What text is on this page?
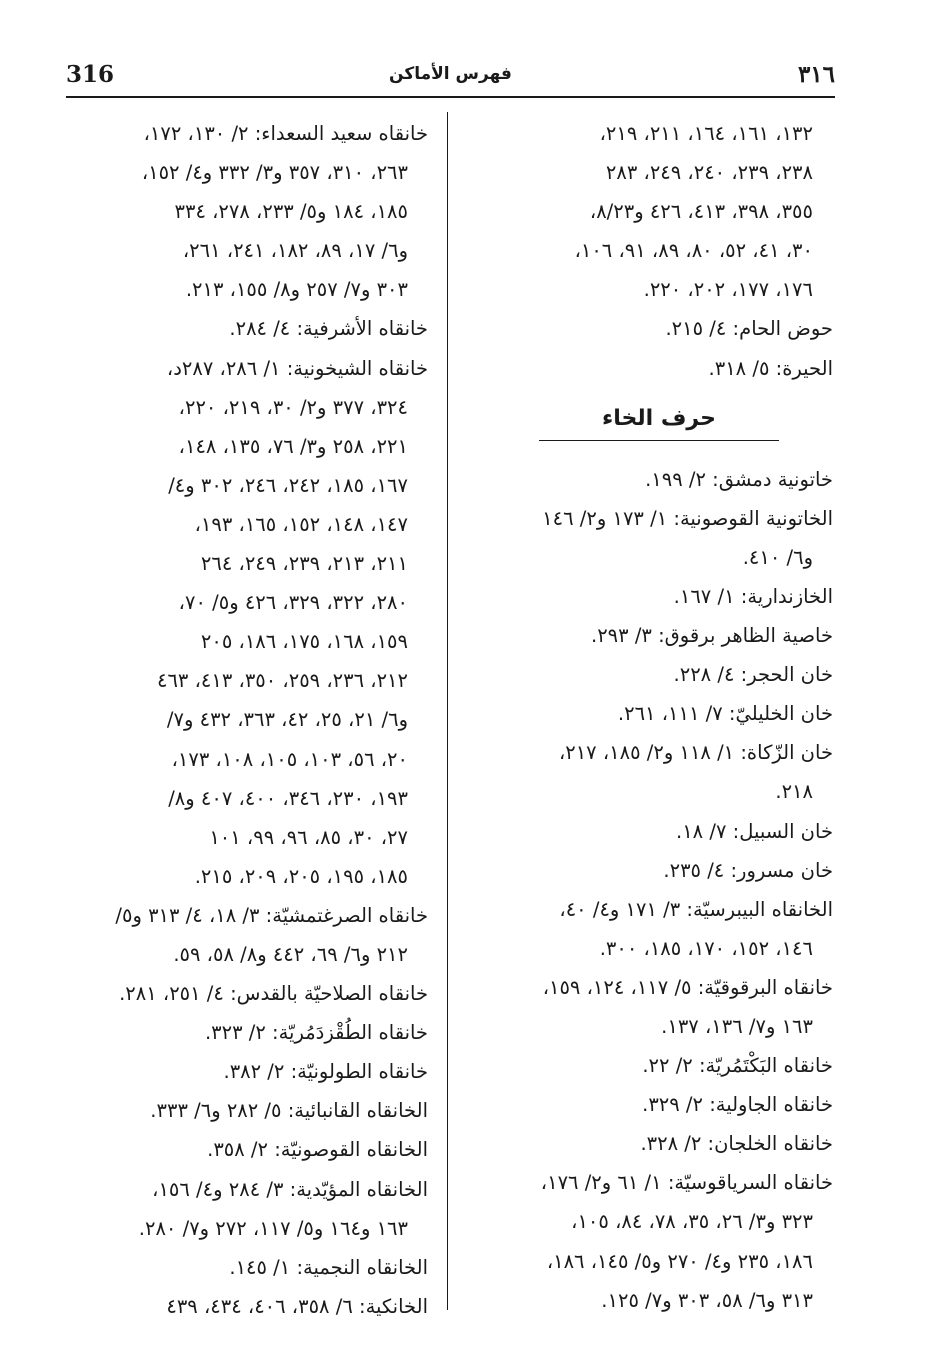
316	فهرس الأماكن	٣١٦
١٣٢، ١٦١، ١٦٤، ٢١١، ٢١٩،
٢٣٨، ٢٣٩، ٢٤٠، ٢٤٩، ٢٨٣
٣٥٥، ٣٩٨، ٤١٣، ٤٢٦ و٨/٢٣،
٣٠، ٤١، ٥٢، ٨٠، ٨٩، ٩١، ١٠٦،
١٧٦، ١٧٧، ٢٠٢، ٢٢٠.
حوض الحام: ٤/ ٢١٥.
الحيرة: ٥/ ٣١٨.
حرف الخاء
خاتونية دمشق: ٢/ ١٩٩.
الخاتونية القوصونية: ١/ ١٧٣ و٢/ ١٤٦
و٦/ ٤١٠.
الخازندارية: ١/ ١٦٧.
خاصية الظاهر برقوق: ٣/ ٢٩٣.
خان الحجر: ٤/ ٢٢٨.
خان الخليليّ: ٧/ ١١١، ٢٦١.
خان الزّكاة: ١/ ١١٨ و٢/ ١٨٥، ٢١٧،
٢١٨.
خان السبيل: ٧/ ١٨.
خان مسرور: ٤/ ٢٣٥.
الخانقاه البيبرسيّة: ٣/ ١٧١ و٤/ ٤٠،
١٤٦، ١٥٢، ١٧٠، ١٨٥، ٣٠٠.
خانقاه البرقوقيّة: ٥/ ١١٧، ١٢٤، ١٥٩،
١٦٣ و٧/ ١٣٦، ١٣٧.
خانقاه البَكْتَمُريّة: ٢/ ٢٢.
خانقاه الجاولية: ٢/ ٣٢٩.
خانقاه الخلجان: ٢/ ٣٢٨.
خانقاه السرياقوسيّة: ١/ ٦١ و٢/ ١٧٦،
٣٢٣ و٣/ ٢٦، ٣٥، ٧٨، ٨٤، ١٠٥،
١٨٦، ٢٣٥ و٤/ ٢٧٠ و٥/ ١٤٥، ١٨٦،
٣١٣ و٦/ ٥٨، ٣٠٣ و٧/ ١٢٥.
خانقاه سعيد السعداء: ٢/ ١٣٠، ١٧٢،
٢٦٣، ٣١٠، ٣٥٧ و٣/ ٣٣٢ و٤/ ١٥٢،
١٨٥، ١٨٤ و٥/ ٢٣٣، ٢٧٨، ٣٣٤
و٦/ ١٧، ٨٩، ١٨٢، ٢٤١، ٢٦١،
٣٠٣ و٧/ ٢٥٧ و٨/ ١٥٥، ٢١٣.
خانقاه الأشرفية: ٤/ ٢٨٤.
خانقاه الشيخونية: ١/ ٢٨٦، ٢٨٧د،
٣٢٤، ٣٧٧ و٢/ ٣٠، ٢١٩، ٢٢٠،
٢٢١، ٢٥٨ و٣/ ٧٦، ١٣٥، ١٤٨،
١٦٧، ١٨٥، ٢٤٢، ٢٤٦، ٣٠٢ و٤/
١٤٧، ١٤٨، ١٥٢، ١٦٥، ١٩٣،
٢١١، ٢١٣، ٢٣٩، ٢٤٩، ٢٦٤
٢٨٠، ٣٢٢، ٣٢٩، ٤٢٦ و٥/ ٧٠،
١٥٩، ١٦٨، ١٧٥، ١٨٦، ٢٠٥
٢١٢، ٢٣٦، ٢٥٩، ٣٥٠، ٤١٣، ٤٦٣
و٦/ ٢١، ٢٥، ٤٢، ٣٦٣، ٤٣٢ و٧/
٢٠، ٥٦، ١٠٣، ١٠٥، ١٠٨، ١٧٣،
١٩٣، ٢٣٠، ٣٤٦، ٤٠٠، ٤٠٧ و٨/
٢٧، ٣٠، ٨٥، ٩٦، ٩٩، ١٠١
١٨٥، ١٩٥، ٢٠٥، ٢٠٩، ٢١٥.
خانقاه الصرغتمشيّة: ٣/ ١٨، ٤/ ٣١٣ و٥/
٢١٢ و٦/ ٦٩، ٤٤٢ و٨/ ٥٨، ٥٩.
خانقاه الصلاحيّة بالقدس: ٤/ ٢٥١، ٢٨١.
خانقاه الطُقْزدَمُريّة: ٢/ ٣٢٣.
خانقاه الطولونيّة: ٢/ ٣٨٢.
الخانقاه القانبائية: ٥/ ٢٨٢ و٦/ ٣٣٣.
الخانقاه القوصونيّة: ٢/ ٣٥٨.
الخانقاه المؤيّدية: ٣/ ٢٨٤ و٤/ ١٥٦،
١٦٣ و١٦٤ و٥/ ١١٧، ٢٧٢ و٧/ ٢٨٠.
الخانقاه النجمية: ١/ ١٤٥.
الخانكية: ٦/ ٣٥٨، ٤٠٦، ٤٣٤، ٤٣٩
